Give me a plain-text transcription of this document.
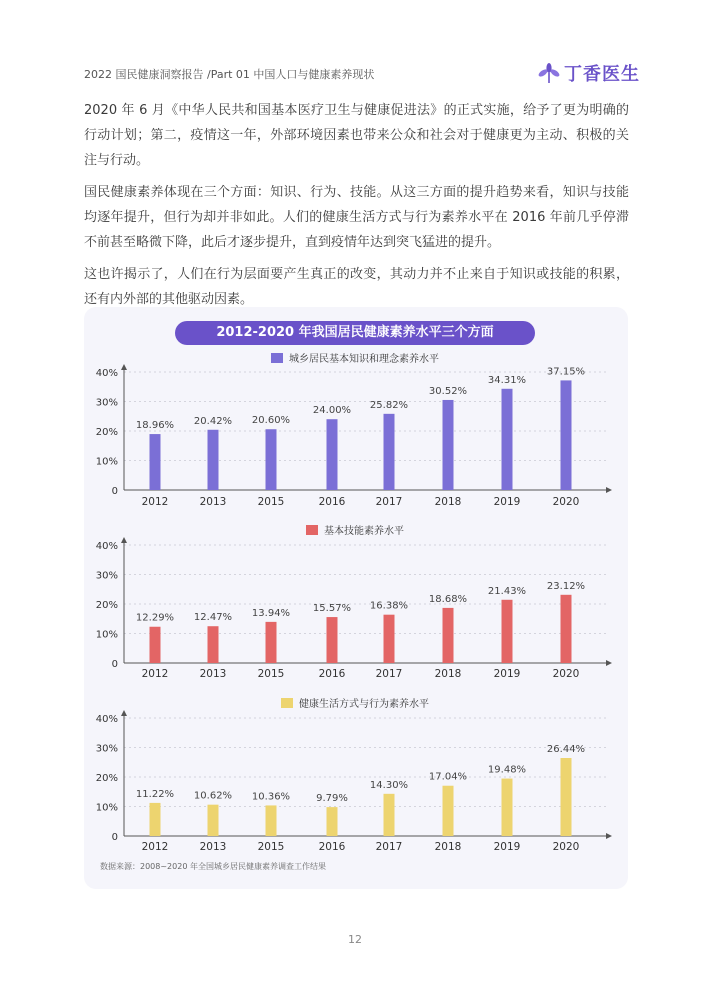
2022 国民健康洞察报告 /Part 01 中国人口与健康素养现状	丁香医生
2020 年 6 月《中华人民共和国基本医疗卫生与健康促进法》的正式实施，给予了更为明确的行动计划；第二，疫情这一年，外部环境因素也带来公众和社会对于健康更为主动、积极的关注与行动。
国民健康素养体现在三个方面：知识、行为、技能。从这三方面的提升趋势来看，知识与技能均逐年提升，但行为却并非如此。人们的健康生活方式与行为素养水平在 2016 年前几乎停滞不前甚至略微下降，此后才逐步提升，直到疫情年达到突飞猛进的提升。
这也许揭示了，人们在行为层面要产生真正的改变，其动力并不止来自于知识或技能的积累，还有内外部的其他驱动因素。
2012-2020 年我国居民健康素养水平三个方面
城乡居民基本知识和理念素养水平
0
10%
20%
30%
40%
18.96%
2012
20.42%
2013
20.60%
2015
24.00%
2016
25.82%
2017
30.52%
2018
34.31%
2019
37.15%
2020
基本技能素养水平
0
10%
20%
30%
40%
12.29%
2012
12.47%
2013
13.94%
2015
15.57%
2016
16.38%
2017
18.68%
2018
21.43%
2019
23.12%
2020
健康生活方式与行为素养水平
0
10%
20%
30%
40%
11.22%
2012
10.62%
2013
10.36%
2015
9.79%
2016
14.30%
2017
17.04%
2018
19.48%
2019
26.44%
2020
数据来源：2008~2020 年全国城乡居民健康素养调查工作结果
12
